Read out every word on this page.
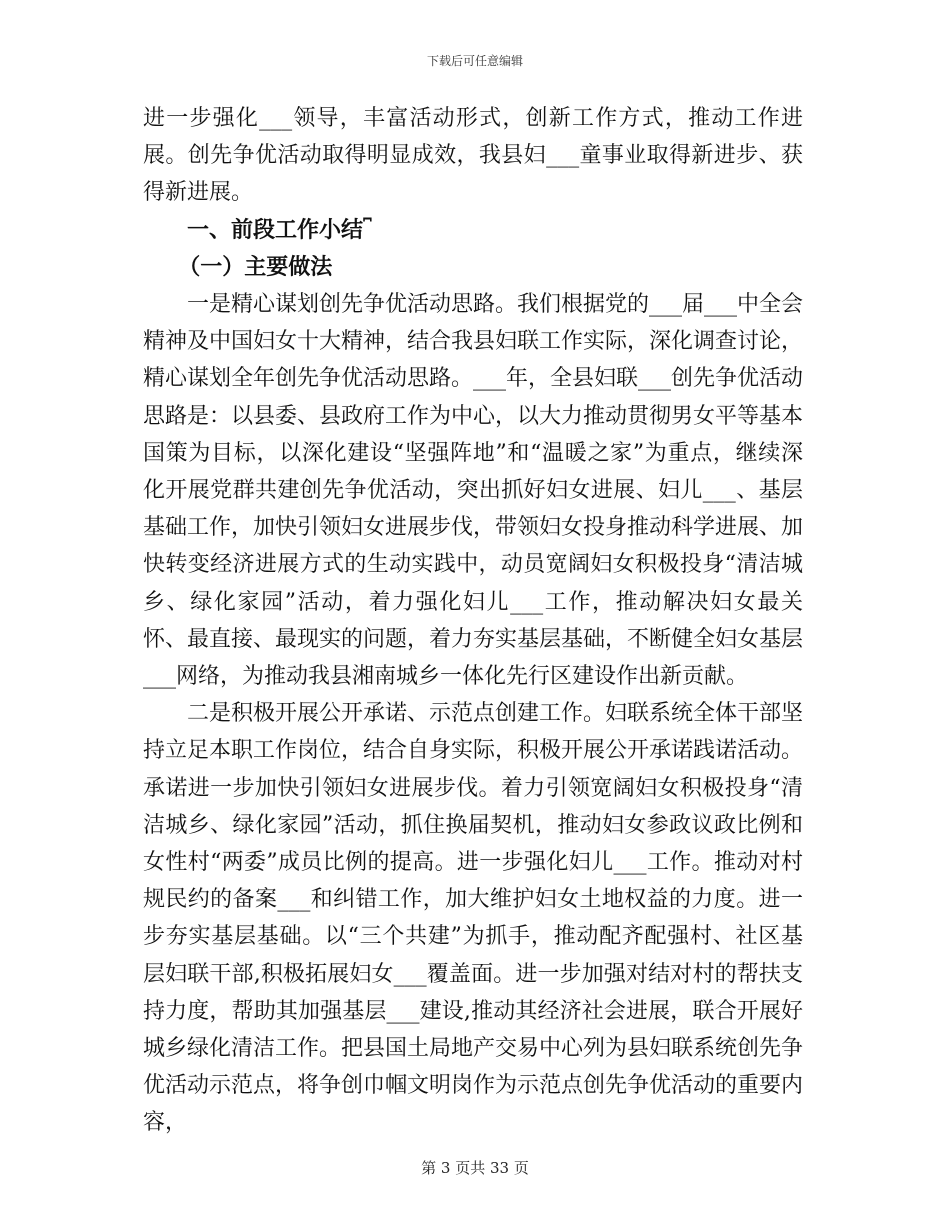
下载后可任意编辑

进一步强化___领导，丰富活动形式，创新工作方式，推动工作进展。创先争优活动取得明显成效，我县妇___童事业取得新进步、获得新进展。

一、前段工作小结⎴

（一）主要做法

一是精心谋划创先争优活动思路。我们根据党的___届___中全会精神及中国妇女十大精神，结合我县妇联工作实际，深化调查讨论，精心谋划全年创先争优活动思路。___年，全县妇联___创先争优活动思路是：以县委、县政府工作为中心，以大力推动贯彻男女平等基本国策为目标，以深化建设“坚强阵地”和“温暖之家”为重点，继续深化开展党群共建创先争优活动，突出抓好妇女进展、妇儿___、基层基础工作，加快引领妇女进展步伐，带领妇女投身推动科学进展、加快转变经济进展方式的生动实践中，动员宽阔妇女积极投身“清洁城乡、绿化家园”活动，着力强化妇儿___工作，推动解决妇女最关怀、最直接、最现实的问题，着力夯实基层基础，不断健全妇女基层___网络，为推动我县湘南城乡一体化先行区建设作出新贡献。

二是积极开展公开承诺、示范点创建工作。妇联系统全体干部坚持立足本职工作岗位，结合自身实际，积极开展公开承诺践诺活动。承诺进一步加快引领妇女进展步伐。着力引领宽阔妇女积极投身“清洁城乡、绿化家园”活动，抓住换届契机，推动妇女参政议政比例和女性村“两委”成员比例的提高。进一步强化妇儿___工作。推动对村规民约的备案___和纠错工作，加大维护妇女土地权益的力度。进一步夯实基层基础。以“三个共建”为抓手，推动配齐配强村、社区基层妇联干部,积极拓展妇女___覆盖面。进一步加强对结对村的帮扶支持力度，帮助其加强基层___建设,推动其经济社会进展，联合开展好城乡绿化清洁工作。把县国土局地产交易中心列为县妇联系统创先争优活动示范点，将争创巾帼文明岗作为示范点创先争优活动的重要内容，

第 3 页共 33 页
